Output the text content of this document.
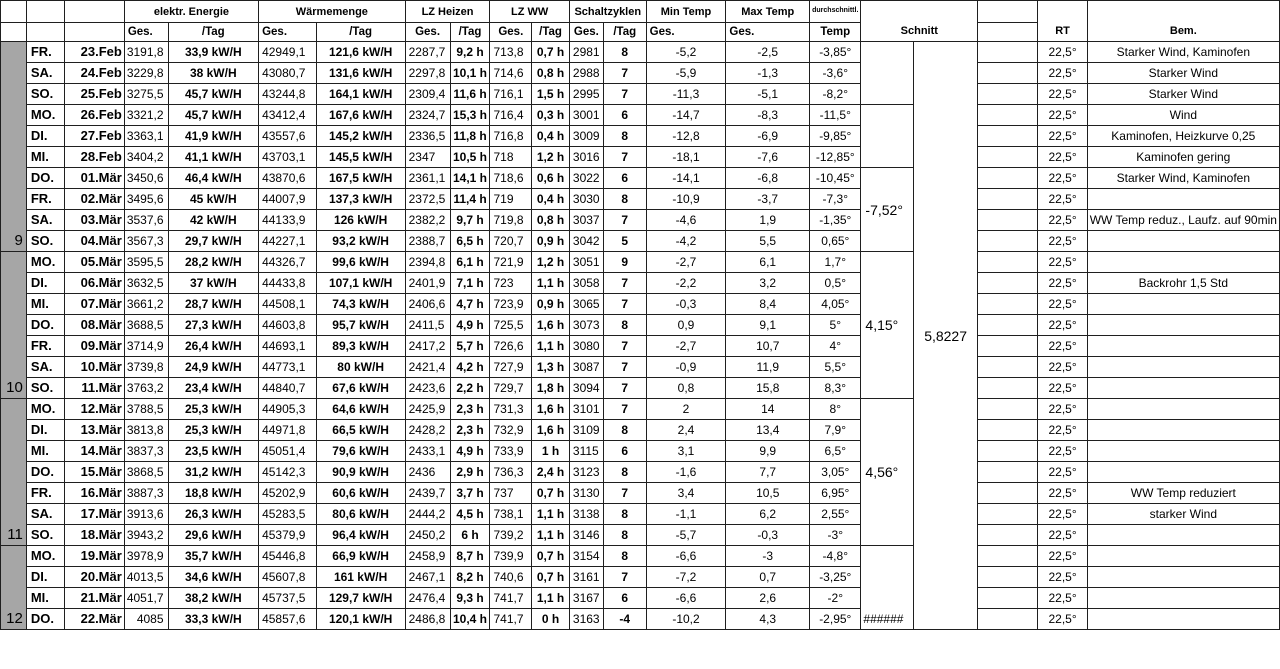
			elektr. Energie		Wärmemenge		LZ Heizen		LZ WW		Schaltzyklen		Min Temp	Max Temp	durchschnittl.	Schnitt			RT	Bem.
			Ges.	/Tag	Ges.	/Tag	Ges.	/Tag	Ges.	/Tag	Ges.	/Tag	Ges.	Ges.	Temp					
9	FR.	23.Feb	3191,8	33,9 kW/H	42949,1	121,6 kW/H	2287,7	9,2 h	713,8	0,7 h	2981	8	-5,2	-2,5	-3,85°		5,8227		22,5°	Starker Wind, Kaminofen
	SA.	24.Feb	3229,8	38 kW/H	43080,7	131,6 kW/H	2297,8	10,1 h	714,6	0,8 h	2988	7	-5,9	-1,3	-3,6°				22,5°	Starker Wind
	SO.	25.Feb	3275,5	45,7 kW/H	43244,8	164,1 kW/H	2309,4	11,6 h	716,1	1,5 h	2995	7	-11,3	-5,1	-8,2°				22,5°	Starker Wind
	MO.	26.Feb	3321,2	45,7 kW/H	43412,4	167,6 kW/H	2324,7	15,3 h	716,4	0,3 h	3001	6	-14,7	-8,3	-11,5°				22,5°	Wind
	DI.	27.Feb	3363,1	41,9 kW/H	43557,6	145,2 kW/H	2336,5	11,8 h	716,8	0,4 h	3009	8	-12,8	-6,9	-9,85°				22,5°	Kaminofen, Heizkurve 0,25
	MI.	28.Feb	3404,2	41,1 kW/H	43703,1	145,5 kW/H	2347	10,5 h	718	1,2 h	3016	7	-18,1	-7,6	-12,85°				22,5°	Kaminofen gering
	DO.	01.Mär	3450,6	46,4 kW/H	43870,6	167,5 kW/H	2361,1	14,1 h	718,6	0,6 h	3022	6	-14,1	-6,8	-10,45°	-7,52°			22,5°	Starker Wind, Kaminofen
	FR.	02.Mär	3495,6	45 kW/H	44007,9	137,3 kW/H	2372,5	11,4 h	719	0,4 h	3030	8	-10,9	-3,7	-7,3°				22,5°	
	SA.	03.Mär	3537,6	42 kW/H	44133,9	126 kW/H	2382,2	9,7 h	719,8	0,8 h	3037	7	-4,6	1,9	-1,35°				22,5°	WW Temp reduz., Laufz. auf 90min
	SO.	04.Mär	3567,3	29,7 kW/H	44227,1	93,2 kW/H	2388,7	6,5 h	720,7	0,9 h	3042	5	-4,2	5,5	0,65°				22,5°	
10	MO.	05.Mär	3595,5	28,2 kW/H	44326,7	99,6 kW/H	2394,8	6,1 h	721,9	1,2 h	3051	9	-2,7	6,1	1,7°	4,15°			22,5°	
	DI.	06.Mär	3632,5	37 kW/H	44433,8	107,1 kW/H	2401,9	7,1 h	723	1,1 h	3058	7	-2,2	3,2	0,5°				22,5°	Backrohr 1,5 Std
	MI.	07.Mär	3661,2	28,7 kW/H	44508,1	74,3 kW/H	2406,6	4,7 h	723,9	0,9 h	3065	7	-0,3	8,4	4,05°				22,5°	
	DO.	08.Mär	3688,5	27,3 kW/H	44603,8	95,7 kW/H	2411,5	4,9 h	725,5	1,6 h	3073	8	0,9	9,1	5°				22,5°	
	FR.	09.Mär	3714,9	26,4 kW/H	44693,1	89,3 kW/H	2417,2	5,7 h	726,6	1,1 h	3080	7	-2,7	10,7	4°				22,5°	
	SA.	10.Mär	3739,8	24,9 kW/H	44773,1	80 kW/H	2421,4	4,2 h	727,9	1,3 h	3087	7	-0,9	11,9	5,5°				22,5°	
	SO.	11.Mär	3763,2	23,4 kW/H	44840,7	67,6 kW/H	2423,6	2,2 h	729,7	1,8 h	3094	7	0,8	15,8	8,3°				22,5°	
11	MO.	12.Mär	3788,5	25,3 kW/H	44905,3	64,6 kW/H	2425,9	2,3 h	731,3	1,6 h	3101	7	2	14	8°	4,56°			22,5°	
	DI.	13.Mär	3813,8	25,3 kW/H	44971,8	66,5 kW/H	2428,2	2,3 h	732,9	1,6 h	3109	8	2,4	13,4	7,9°				22,5°	
	MI.	14.Mär	3837,3	23,5 kW/H	45051,4	79,6 kW/H	2433,1	4,9 h	733,9	1 h	3115	6	3,1	9,9	6,5°				22,5°	
	DO.	15.Mär	3868,5	31,2 kW/H	45142,3	90,9 kW/H	2436	2,9 h	736,3	2,4 h	3123	8	-1,6	7,7	3,05°				22,5°	
	FR.	16.Mär	3887,3	18,8 kW/H	45202,9	60,6 kW/H	2439,7	3,7 h	737	0,7 h	3130	7	3,4	10,5	6,95°				22,5°	WW Temp reduziert
	SA.	17.Mär	3913,6	26,3 kW/H	45283,5	80,6 kW/H	2444,2	4,5 h	738,1	1,1 h	3138	8	-1,1	6,2	2,55°				22,5°	starker Wind
	SO.	18.Mär	3943,2	29,6 kW/H	45379,9	96,4 kW/H	2450,2	6 h	739,2	1,1 h	3146	8	-5,7	-0,3	-3°				22,5°	
12	MO.	19.Mär	3978,9	35,7 kW/H	45446,8	66,9 kW/H	2458,9	8,7 h	739,9	0,7 h	3154	8	-6,6	-3	-4,8°	######			22,5°	
	DI.	20.Mär	4013,5	34,6 kW/H	45607,8	161 kW/H	2467,1	8,2 h	740,6	0,7 h	3161	7	-7,2	0,7	-3,25°				22,5°	
	MI.	21.Mär	4051,7	38,2 kW/H	45737,5	129,7 kW/H	2476,4	9,3 h	741,7	1,1 h	3167	6	-6,6	2,6	-2°				22,5°	
	DO.	22.Mär	4085	33,3 kW/H	45857,6	120,1 kW/H	2486,8	10,4 h	741,7	0 h	3163	-4	-10,2	4,3	-2,95°				22,5°	
